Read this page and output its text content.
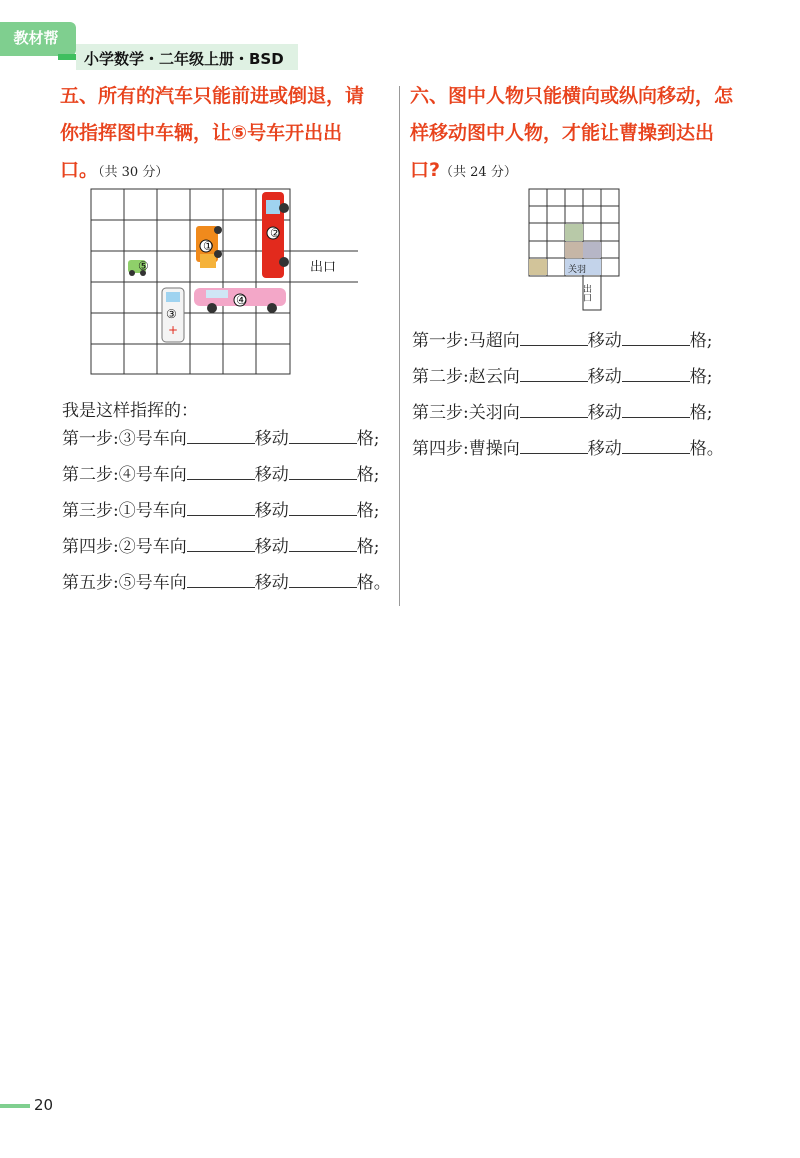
教材帮
小学数学・二年级上册・BSD
五、所有的汽车只能前进或倒退，请
你指挥图中车辆，让⑤号车开出出
口。（共 30 分）
+
①
②
③
④
⑤	出口
我是这样指挥的：
第一步:③号车向	移动	格;
第二步:④号车向	移动	格;
第三步:①号车向	移动	格;
第四步:②号车向	移动	格;
第五步:⑤号车向	移动	格。
六、图中人物只能横向或纵向移动，怎
样移动图中人物，才能让曹操到达出
口?（共 24 分）
关羽
出口
第一步:马超向	移动	格;
第二步:赵云向	移动	格;
第三步:关羽向	移动	格;
第四步:曹操向	移动	格。
20
